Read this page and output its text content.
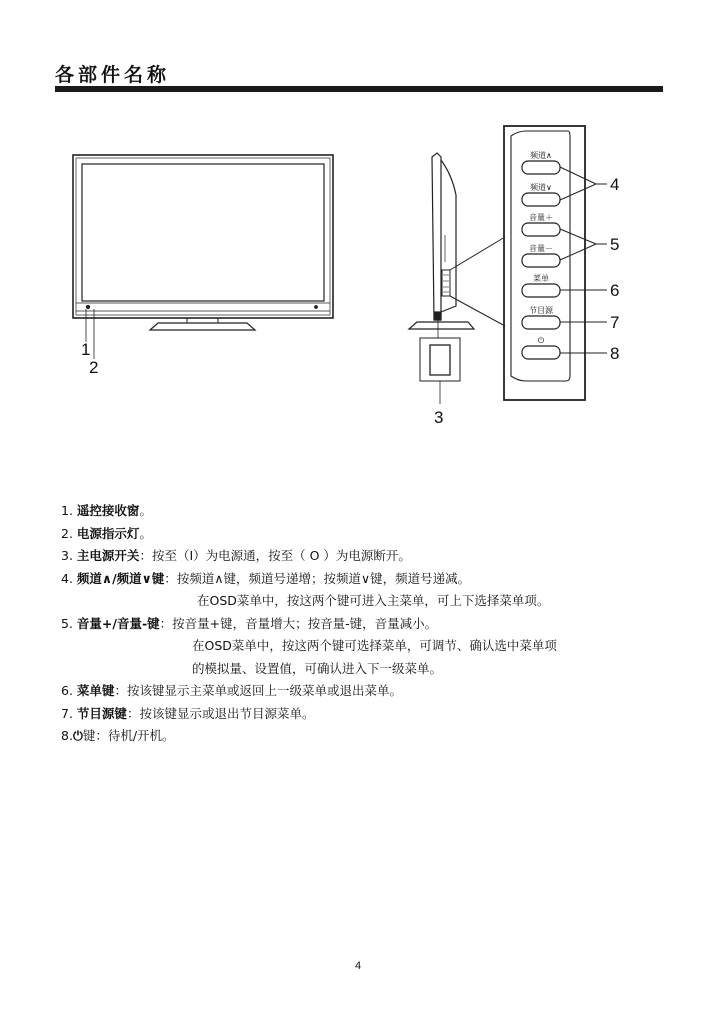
各部件名称
1
2
3
频道∧
频道∨
音量＋
音量－
菜单
节目源
⏻
4
5
6
7
8
1. 遥控接收窗。
2. 电源指示灯。
3. 主电源开关：按至（Ⅰ）为电源通，按至（ O ）为电源断开。
4. 频道∧/频道∨键：按频道∧键，频道号递增；按频道∨键，频道号递减。
在OSD菜单中，按这两个键可进入主菜单，可上下选择菜单项。
5. 音量+/音量-键：按音量+键，音量增大；按音量-键，音量减小。
在OSD菜单中，按这两个键可选择菜单，可调节、确认选中菜单项
的模拟量、设置值，可确认进入下一级菜单。
6. 菜单键：按该键显示主菜单或返回上一级菜单或退出菜单。
7. 节目源键：按该键显示或退出节目源菜单。
8.⏻键：待机/开机。
4
